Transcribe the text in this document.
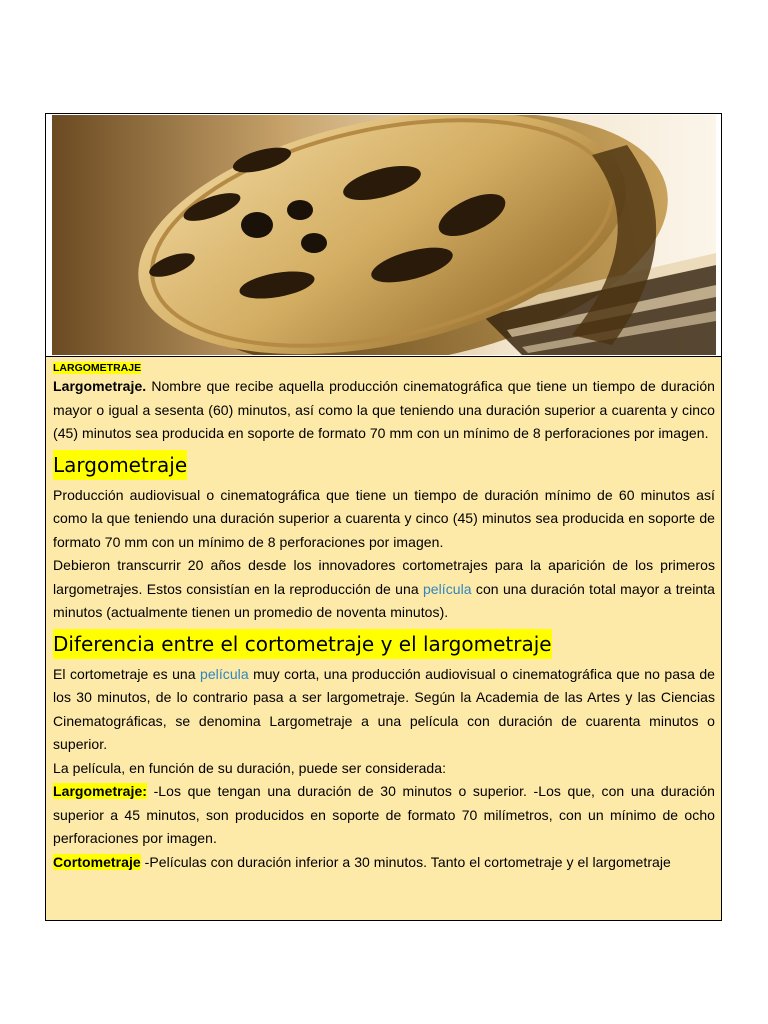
LARGOMETRAJE

Largometraje. Nombre que recibe aquella producción cinematográfica que tiene un tiempo de duración mayor o igual a sesenta (60) minutos, así como la que teniendo una duración superior a cuarenta y cinco (45) minutos sea producida en soporte de formato 70 mm con un mínimo de 8 perforaciones por imagen.

Largometraje

Producción audiovisual o cinematográfica que tiene un tiempo de duración mínimo de 60 minutos así como la que teniendo una duración superior a cuarenta y cinco (45) minutos sea producida en soporte de formato 70 mm con un mínimo de 8 perforaciones por imagen.

Debieron transcurrir 20 años desde los innovadores cortometrajes para la aparición de los primeros largometrajes. Estos consistían en la reproducción de una película con una duración total mayor a treinta minutos (actualmente tienen un promedio de noventa minutos).

Diferencia entre el cortometraje y el largometraje

El cortometraje es una película muy corta, una producción audiovisual o cinematográfica que no pasa de los 30 minutos, de lo contrario pasa a ser largometraje. Según la Academia de las Artes y las Ciencias Cinematográficas, se denomina Largometraje a una película con duración de cuarenta minutos o superior.

La película, en función de su duración, puede ser considerada:

Largometraje: -Los que tengan una duración de 30 minutos o superior. -Los que, con una duración superior a 45 minutos, son producidos en soporte de formato 70 milímetros, con un mínimo de ocho perforaciones por imagen.

Cortometraje -Películas con duración inferior a 30 minutos. Tanto el cortometraje y el largometraje
